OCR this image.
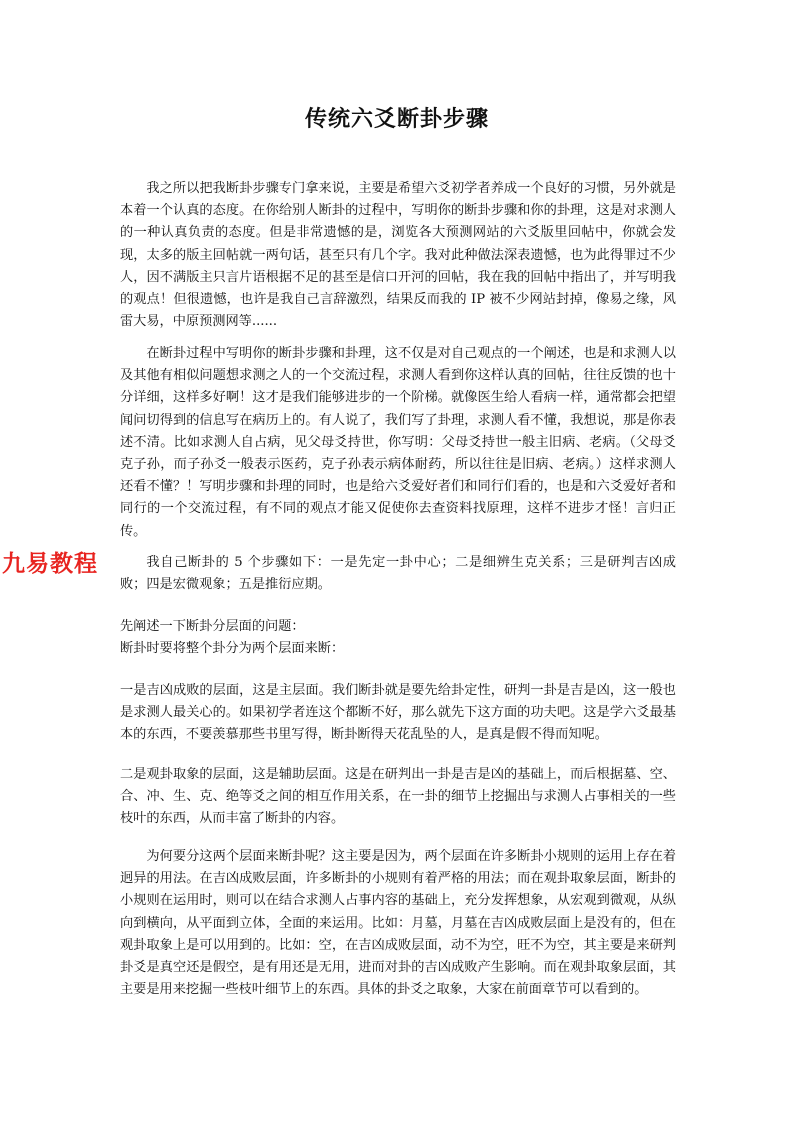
传统六爻断卦步骤

我之所以把我断卦步骤专门拿来说，主要是希望六爻初学者养成一个良好的习惯，另外就是本着一个认真的态度。在你给别人断卦的过程中，写明你的断卦步骤和你的卦理，这是对求测人的一种认真负责的态度。但是非常遗憾的是，浏览各大预测网站的六爻版里回帖中，你就会发现，太多的版主回帖就一两句话，甚至只有几个字。我对此种做法深表遗憾，也为此得罪过不少人，因不满版主只言片语根据不足的甚至是信口开河的回帖，我在我的回帖中指出了，并写明我的观点！但很遗憾，也许是我自己言辞激烈，结果反而我的 IP 被不少网站封掉，像易之缘，风雷大易，中原预测网等......

在断卦过程中写明你的断卦步骤和卦理，这不仅是对自己观点的一个阐述，也是和求测人以及其他有相似问题想求测之人的一个交流过程，求测人看到你这样认真的回帖，往往反馈的也十分详细，这样多好啊！这才是我们能够进步的一个阶梯。就像医生给人看病一样，通常都会把望闻问切得到的信息写在病历上的。有人说了，我们写了卦理，求测人看不懂，我想说，那是你表述不清。比如求测人自占病，见父母爻持世，你写明：父母爻持世一般主旧病、老病。（父母爻克子孙，而子孙爻一般表示医药，克子孙表示病体耐药，所以往往是旧病、老病。）这样求测人还看不懂？！写明步骤和卦理的同时，也是给六爻爱好者们和同行们看的，也是和六爻爱好者和同行的一个交流过程，有不同的观点才能又促使你去查资料找原理，这样不进步才怪！言归正传。

九易教程	我自己断卦的 5 个步骤如下：一是先定一卦中心；二是细辨生克关系；三是研判吉凶成败；四是宏微观象；五是推衍应期。

先阐述一下断卦分层面的问题：

断卦时要将整个卦分为两个层面来断：

一是吉凶成败的层面，这是主层面。我们断卦就是要先给卦定性，研判一卦是吉是凶，这一般也是求测人最关心的。如果初学者连这个都断不好，那么就先下这方面的功夫吧。这是学六爻最基本的东西，不要羡慕那些书里写得，断卦断得天花乱坠的人，是真是假不得而知呢。

二是观卦取象的层面，这是辅助层面。这是在研判出一卦是吉是凶的基础上，而后根据墓、空、合、冲、生、克、绝等爻之间的相互作用关系，在一卦的细节上挖掘出与求测人占事相关的一些枝叶的东西，从而丰富了断卦的内容。

为何要分这两个层面来断卦呢？这主要是因为，两个层面在许多断卦小规则的运用上存在着迥异的用法。在吉凶成败层面，许多断卦的小规则有着严格的用法；而在观卦取象层面，断卦的小规则在运用时，则可以在结合求测人占事内容的基础上，充分发挥想象，从宏观到微观，从纵向到横向，从平面到立体，全面的来运用。比如：月墓，月墓在吉凶成败层面上是没有的，但在观卦取象上是可以用到的。比如：空，在吉凶成败层面，动不为空，旺不为空，其主要是来研判卦爻是真空还是假空，是有用还是无用，进而对卦的吉凶成败产生影响。而在观卦取象层面，其主要是用来挖掘一些枝叶细节上的东西。具体的卦爻之取象，大家在前面章节可以看到的。
